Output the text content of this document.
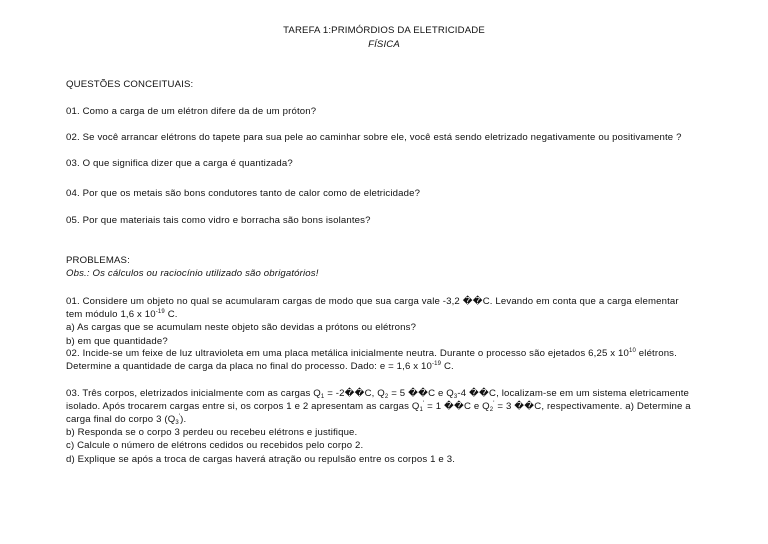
TAREFA 1:PRIMÓRDIOS DA ELETRICIDADE
FÍSICA
QUESTÕES CONCEITUAIS:
01. Como a carga de um elétron difere da de um próton?
02. Se você arrancar elétrons do tapete para sua pele ao caminhar sobre ele, você está sendo eletrizado negativamente ou positivamente ?
03. O que significa dizer que a carga é quantizada?
04. Por que os metais são bons condutores tanto de calor como de eletricidade?
05. Por que materiais tais como vidro e borracha são bons isolantes?
PROBLEMAS:
Obs.: Os cálculos ou raciocínio utilizado são obrigatórios!
01. Considere um objeto no qual se acumularam cargas de modo que sua carga vale -3,2 ��C. Levando em conta que a carga elementar
tem módulo 1,6 x $10^{-19}$ C.
a) As cargas que se acumulam neste objeto são devidas a prótons ou elétrons?
b) em que quantidade?
02. Incide-se um feixe de luz ultravioleta em uma placa metálica inicialmente neutra. Durante o processo são ejetados 6,25 x $10^{10}$ elétrons.
Determine a quantidade de carga da placa no final do processo. Dado: e = 1,6 x $10^{-19}$ C.
03. Três corpos, eletrizados inicialmente com as cargas $Q_1$ = -2��C, $Q_2 = 5$ ��C e $Q_3-4$ ��C, localizam-se em um sistema eletricamente
isolado. Após trocarem cargas entre si, os corpos 1 e 2 apresentam as cargas $Q_1' = 1$ ��C e $Q_2' = 3$ ��C, respectivamente. a) Determine a
carga final do corpo 3 $(Q_3')$.
b) Responda se o corpo 3 perdeu ou recebeu elétrons e justifique.
c) Calcule o número de elétrons cedidos ou recebidos pelo corpo 2.
d) Explique se após a troca de cargas haverá atração ou repulsão entre os corpos 1 e 3.
